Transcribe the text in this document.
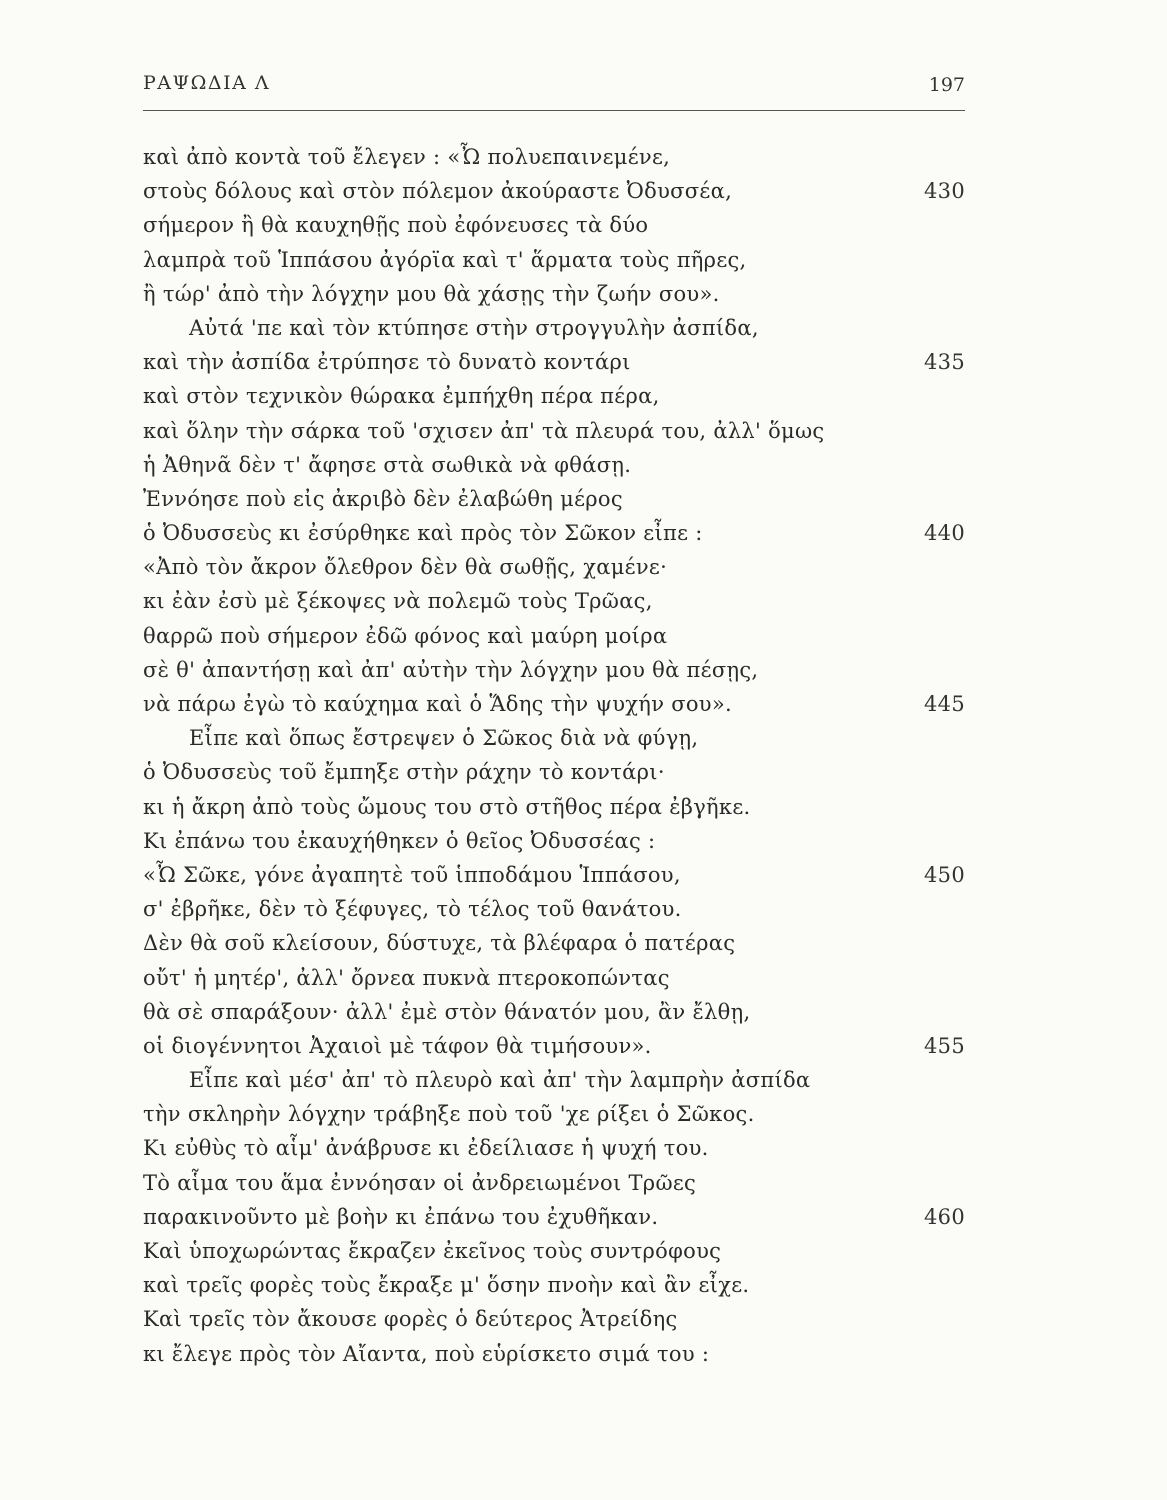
ΡΑΨΩΔΙΑ Λ	197
καὶ ἀπὸ κοντὰ τοῦ ἔλεγεν : «Ὦ πολυεπαινεμένε,
στοὺς δόλους καὶ στὸν πόλεμον ἀκούραστε Ὀδυσσέα,	430
σήμερον ἢ θὰ καυχηθῇς ποὺ ἐφόνευσες τὰ δύο
λαμπρὰ τοῦ Ἱππάσου ἀγόρϊα καὶ τ' ἅρματα τοὺς πῆρες,
ἢ τώρ' ἀπὸ τὴν λόγχην μου θὰ χάσῃς τὴν ζωήν σου».
Αὐτά 'πε καὶ τὸν κτύπησε στὴν στρογγυλὴν ἀσπίδα,
καὶ τὴν ἀσπίδα ἐτρύπησε τὸ δυνατὸ κοντάρι	435
καὶ στὸν τεχνικὸν θώρακα ἐμπήχθη πέρα πέρα,
καὶ ὅλην τὴν σάρκα τοῦ 'σχισεν ἀπ' τὰ πλευρά του, ἀλλ' ὅμως
ἡ Ἀθηνᾶ δὲν τ' ἄφησε στὰ σωθικὰ νὰ φθάσῃ.
Ἐννόησε ποὺ εἰς ἀκριβὸ δὲν ἐλαβώθη μέρος
ὁ Ὀδυσσεὺς κι ἐσύρθηκε καὶ πρὸς τὸν Σῶκον εἶπε :	440
«Ἀπὸ τὸν ἄκρον ὄλεθρον δὲν θὰ σωθῇς, χαμένε·
κι ἐὰν ἐσὺ μὲ ξέκοψες νὰ πολεμῶ τοὺς Τρῶας,
θαρρῶ ποὺ σήμερον ἐδῶ φόνος καὶ μαύρη μοίρα
σὲ θ' ἀπαντήσῃ καὶ ἀπ' αὐτὴν τὴν λόγχην μου θὰ πέσῃς,
νὰ πάρω ἐγὼ τὸ καύχημα καὶ ὁ Ἅδης τὴν ψυχήν σου».	445
Εἶπε καὶ ὅπως ἔστρεψεν ὁ Σῶκος διὰ νὰ φύγῃ,
ὁ Ὀδυσσεὺς τοῦ ἔμπηξε στὴν ράχην τὸ κοντάρι·
κι ἡ ἄκρη ἀπὸ τοὺς ὤμους του στὸ στῆθος πέρα ἐβγῆκε.
Κι ἐπάνω του ἐκαυχήθηκεν ὁ θεῖος Ὀδυσσέας :
«Ὦ Σῶκε, γόνε ἀγαπητὲ τοῦ ἱπποδάμου Ἱππάσου,	450
σ' ἐβρῆκε, δὲν τὸ ξέφυγες, τὸ τέλος τοῦ θανάτου.
Δὲν θὰ σοῦ κλείσουν, δύστυχε, τὰ βλέφαρα ὁ πατέρας
οὔτ' ἡ μητέρ', ἀλλ' ὄρνεα πυκνὰ πτεροκοπώντας
θὰ σὲ σπαράξουν· ἀλλ' ἐμὲ στὸν θάνατόν μου, ἂν ἔλθῃ,
οἱ διογέννητοι Ἀχαιοὶ μὲ τάφον θὰ τιμήσουν».	455
Εἶπε καὶ μέσ' ἀπ' τὸ πλευρὸ καὶ ἀπ' τὴν λαμπρὴν ἀσπίδα
τὴν σκληρὴν λόγχην τράβηξε ποὺ τοῦ 'χε ρίξει ὁ Σῶκος.
Κι εὐθὺς τὸ αἷμ' ἀνάβρυσε κι ἐδείλιασε ἡ ψυχή του.
Τὸ αἷμα του ἅμα ἐννόησαν οἱ ἀνδρειωμένοι Τρῶες
παρακινοῦντο μὲ βοὴν κι ἐπάνω του ἐχυθῆκαν.	460
Καὶ ὑποχωρώντας ἔκραζεν ἐκεῖνος τοὺς συντρόφους
καὶ τρεῖς φορὲς τοὺς ἔκραξε μ' ὅσην πνοὴν καὶ ἂν εἶχε.
Καὶ τρεῖς τὸν ἄκουσε φορὲς ὁ δεύτερος Ἀτρείδης
κι ἔλεγε πρὸς τὸν Αἴαντα, ποὺ εὑρίσκετο σιμά του :
